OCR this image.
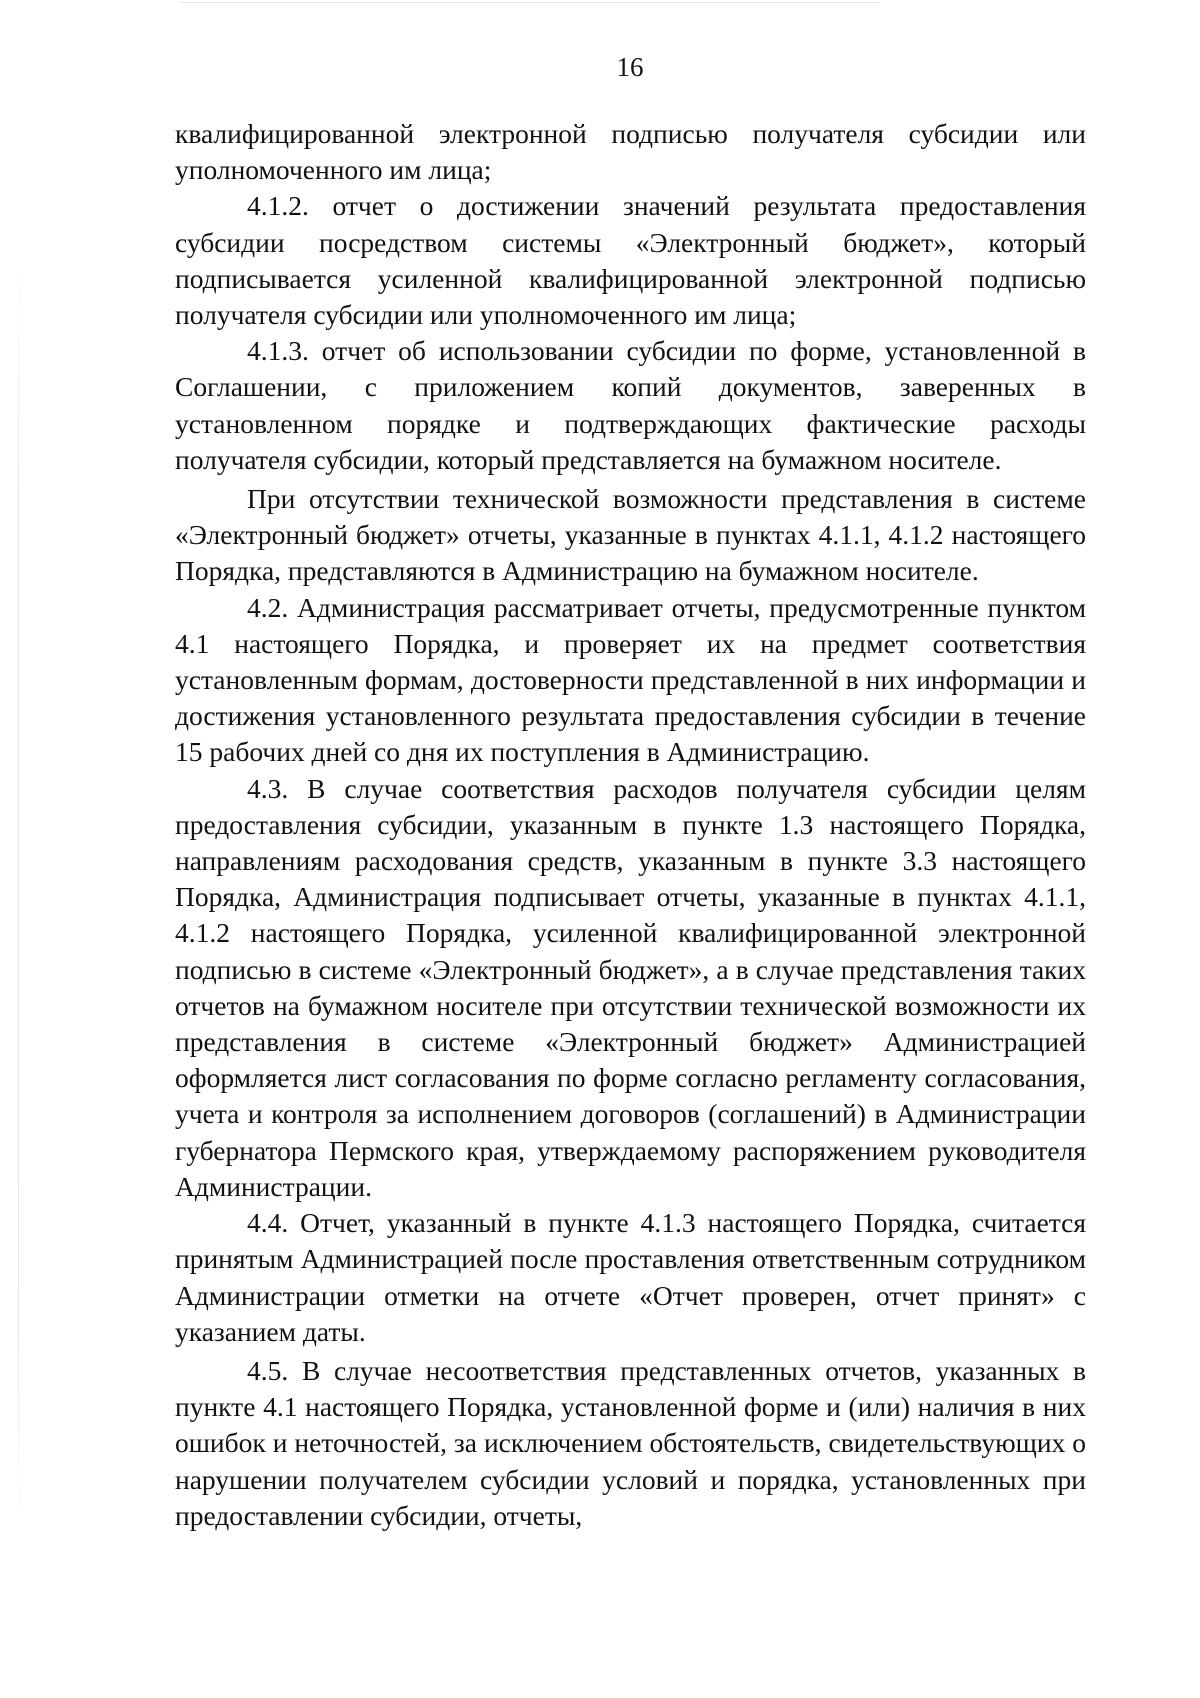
16

квалифицированной электронной подписью получателя субсидии или уполномоченного им лица;

4.1.2. отчет о достижении значений результата предоставления субсидии посредством системы «Электронный бюджет», который подписывается усиленной квалифицированной электронной подписью получателя субсидии или уполномоченного им лица;

4.1.3. отчет об использовании субсидии по форме, установленной в Соглашении, с приложением копий документов, заверенных в установленном порядке и подтверждающих фактические расходы получателя субсидии, который представляется на бумажном носителе.

При отсутствии технической возможности представления в системе «Электронный бюджет» отчеты, указанные в пунктах 4.1.1, 4.1.2 настоящего Порядка, представляются в Администрацию на бумажном носителе.

4.2. Администрация рассматривает отчеты, предусмотренные пунктом 4.1 настоящего Порядка, и проверяет их на предмет соответствия установленным формам, достоверности представленной в них информации и достижения установленного результата предоставления субсидии в течение 15 рабочих дней со дня их поступления в Администрацию.

4.3. В случае соответствия расходов получателя субсидии целям предоставления субсидии, указанным в пункте 1.3 настоящего Порядка, направлениям расходования средств, указанным в пункте 3.3 настоящего Порядка, Администрация подписывает отчеты, указанные в пунктах 4.1.1, 4.1.2 настоящего Порядка, усиленной квалифицированной электронной подписью в системе «Электронный бюджет», а в случае представления таких отчетов на бумажном носителе при отсутствии технической возможности их представления в системе «Электронный бюджет» Администрацией оформляется лист согласования по форме согласно регламенту согласования, учета и контроля за исполнением договоров (соглашений) в Администрации губернатора Пермского края, утверждаемому распоряжением руководителя Администрации.

4.4. Отчет, указанный в пункте 4.1.3 настоящего Порядка, считается принятым Администрацией после проставления ответственным сотрудником Администрации отметки на отчете «Отчет проверен, отчет принят» с указанием даты.

4.5. В случае несоответствия представленных отчетов, указанных в пункте 4.1 настоящего Порядка, установленной форме и (или) наличия в них ошибок и неточностей, за исключением обстоятельств, свидетельствующих о нарушении получателем субсидии условий и порядка, установленных при предоставлении субсидии, отчеты,
